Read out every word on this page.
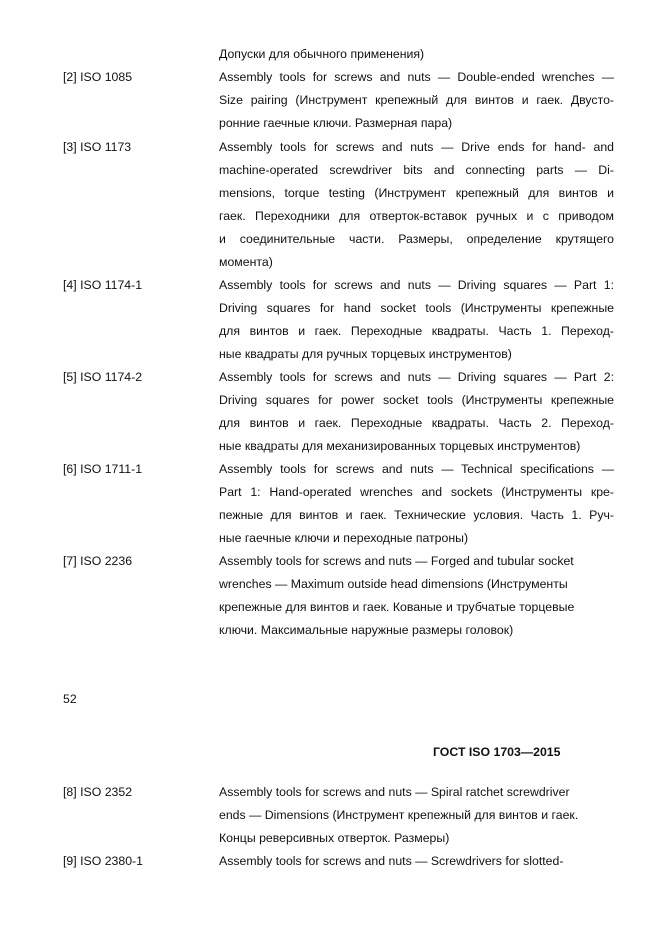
Допуски для обычного применения)
[2] ISO 1085	Assembly tools for screws and nuts — Double-ended wrenches —
Size pairing (Инструмент крепежный для винтов и гаек. Двусто-
ронние гаечные ключи. Размерная пара)
[3] ISO 1173	Assembly tools for screws and nuts — Drive ends for hand- and
machine-operated screwdriver bits and connecting parts — Di-
mensions, torque testing (Инструмент крепежный для винтов и
гаек. Переходники для отверток-вставок ручных и с приводом
и соединительные части. Размеры, определение крутящего
момента)
[4] ISO 1174-1	Assembly tools for screws and nuts — Driving squares — Part 1:
Driving squares for hand socket tools (Инструменты крепежные
для винтов и гаек. Переходные квадраты. Часть 1. Переход-
ные квадраты для ручных торцевых инструментов)
[5] ISO 1174-2	Assembly tools for screws and nuts — Driving squares — Part 2:
Driving squares for power socket tools (Инструменты крепежные
для винтов и гаек. Переходные квадраты. Часть 2. Переход-
ные квадраты для механизированных торцевых инструментов)
[6] ISO 1711-1	Assembly tools for screws and nuts — Technical specifications —
Part 1: Hand-operated wrenches and sockets (Инструменты кре-
пежные для винтов и гаек. Технические условия. Часть 1. Руч-
ные гаечные ключи и переходные патроны)
[7] ISO 2236	Assembly tools for screws and nuts — Forged and tubular socket
wrenches — Maximum outside head dimensions (Инструменты
крепежные для винтов и гаек. Кованые и трубчатые торцевые
ключи. Максимальные наружные размеры головок)
52
ГОСТ ISO 1703—2015
[8] ISO 2352	Assembly tools for screws and nuts — Spiral ratchet screwdriver
ends — Dimensions (Инструмент крепежный для винтов и гаек.
Концы реверсивных отверток. Размеры)
[9] ISO 2380-1	Assembly tools for screws and nuts — Screwdrivers for slotted-
